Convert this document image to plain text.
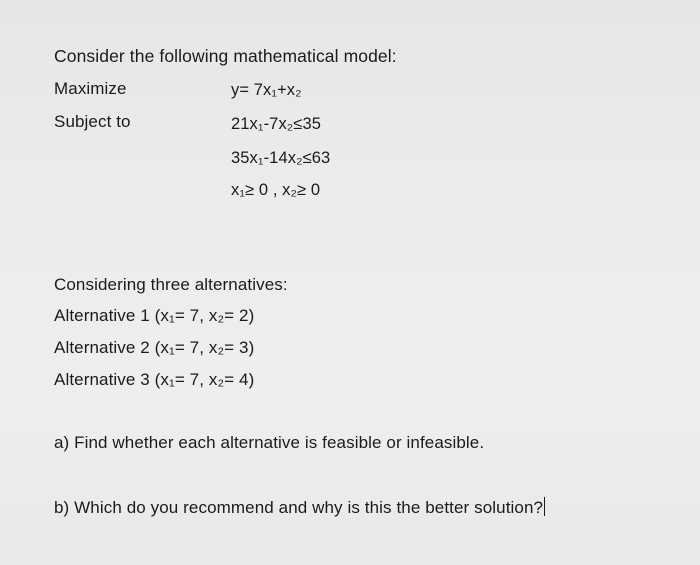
Consider the following mathematical model:
Maximize	y= 7x₁+x₂
Subject to	21x₁-7x₂≤35
35x₁-14x₂≤63
x₁≥ 0 , x₂≥ 0
Considering three alternatives:
Alternative 1 (x₁= 7, x₂= 2)
Alternative 2 (x₁= 7, x₂= 3)
Alternative 3 (x₁= 7, x₂= 4)
a) Find whether each alternative is feasible or infeasible.
b) Which do you recommend and why is this the better solution?
